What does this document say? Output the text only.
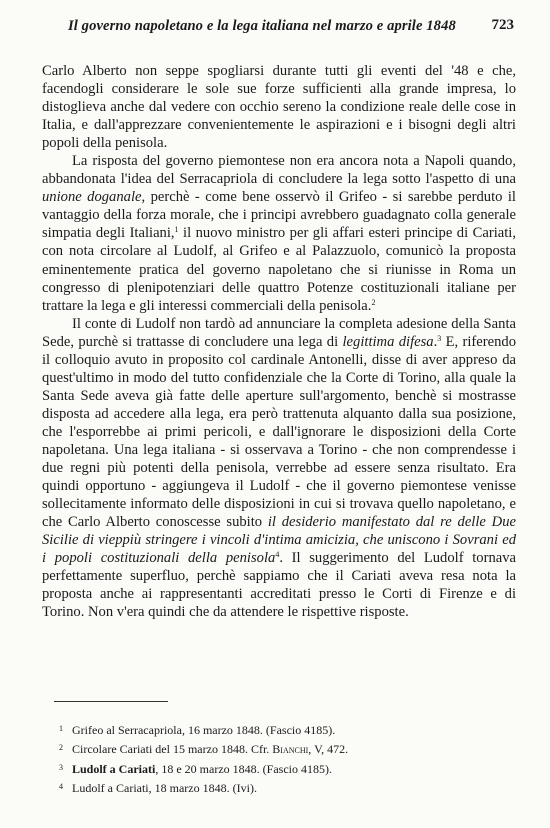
Il governo napoletano e la lega italiana nel marzo e aprile 1848 723

Carlo Alberto non seppe spogliarsi durante tutti gli eventi del '48 e che, facendogli considerare le sole sue forze sufficienti alla grande impresa, lo distoglieva anche dal vedere con occhio sereno la condizione reale delle cose in Italia, e dall'apprezzare convenientemente le aspirazioni e i bisogni degli altri popoli della penisola.

La risposta del governo piemontese non era ancora nota a Napoli quando, abbandonata l'idea del Serracapriola di concludere la lega sotto l'aspetto di una unione doganale, perchè - come bene osservò il Grifeo - si sarebbe perduto il vantaggio della forza morale, che i principi avrebbero guadagnato colla generale simpatia degli Italiani,$^1$ il nuovo ministro per gli affari esteri principe di Cariati, con nota circolare al Ludolf, al Grifeo e al Palazzuolo, comunicò la proposta eminentemente pratica del governo napoletano che si riunisse in Roma un congresso di plenipotenziari delle quattro Potenze costituzionali italiane per trattare la lega e gli interessi commerciali della penisola.$^2$

Il conte di Ludolf non tardò ad annunciare la completa adesione della Santa Sede, purchè si trattasse di concludere una lega di legittima difesa.$^3$ E, riferendo il colloquio avuto in proposito col cardinale Antonelli, disse di aver appreso da quest'ultimo in modo del tutto confidenziale che la Corte di Torino, alla quale la Santa Sede aveva già fatte delle aperture sull'argomento, benchè si mostrasse disposta ad accedere alla lega, era però trattenuta alquanto dalla sua posizione, che l'esporrebbe ai primi pericoli, e dall'ignorare le disposizioni della Corte napoletana. Una lega italiana - si osservava a Torino - che non comprendesse i due regni più potenti della penisola, verrebbe ad essere senza risultato. Era quindi opportuno - aggiungeva il Ludolf - che il governo piemontese venisse sollecitamente informato delle disposizioni in cui si trovava quello napoletano, e che Carlo Alberto conoscesse subito il desiderio manifestato dal re delle Due Sicilie di vieppiù stringere i vincoli d'intima amicizia, che uniscono i Sovrani ed i popoli costituzionali della penisola$^4$. Il suggerimento del Ludolf tornava perfettamente superfluo, perchè sappiamo che il Cariati aveva resa nota la proposta anche ai rappresentanti accreditati presso le Corti di Firenze e di Torino. Non v'era quindi che da attendere le rispettive risposte.

1 Grifeo al Serracapriola, 16 marzo 1848. (Fascio 4185).
2 Circolare Cariati del 15 marzo 1848. Cfr. Bianchi, V, 472.
3 Ludolf a Cariati, 18 e 20 marzo 1848. (Fascio 4185).
4 Ludolf a Cariati, 18 marzo 1848. (Ivi).
